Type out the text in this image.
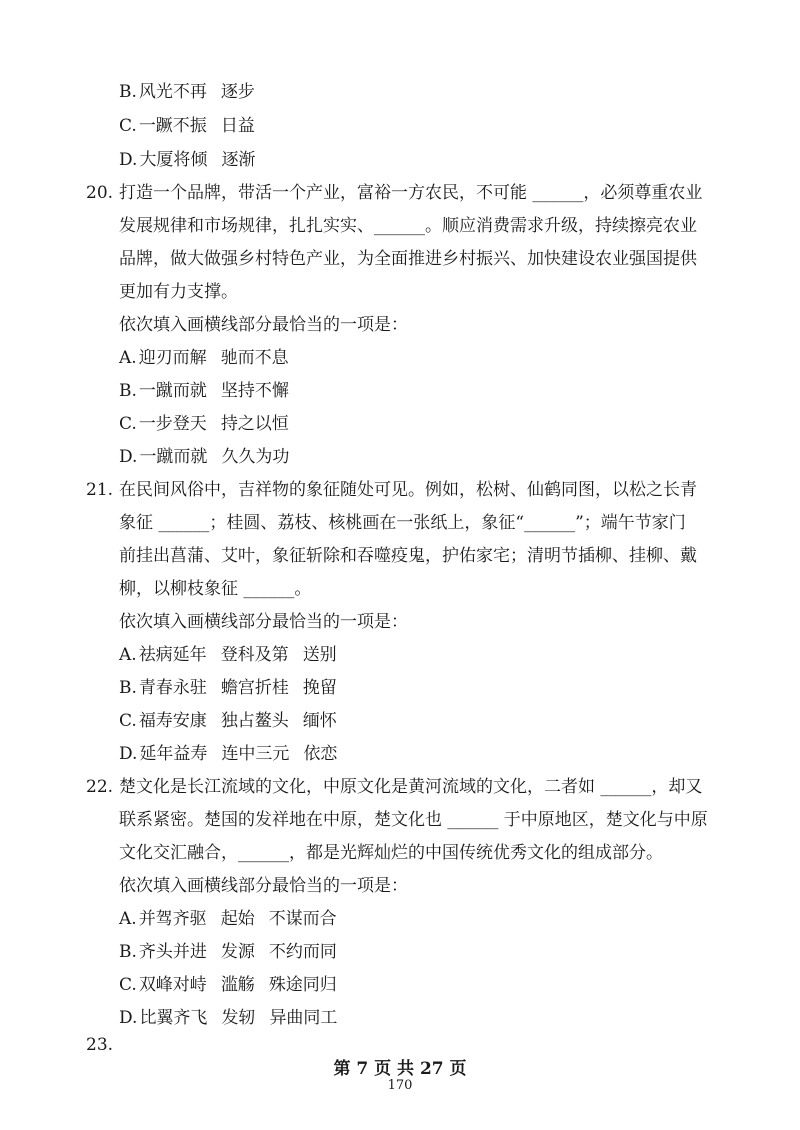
B. 风光不再 逐步
C. 一蹶不振 日益
D. 大厦将倾 逐渐
20. 打造一个品牌，带活一个产业，富裕一方农民，不可能 ______，必须尊重农业
发展规律和市场规律，扎扎实实、______。顺应消费需求升级，持续擦亮农业
品牌，做大做强乡村特色产业，为全面推进乡村振兴、加快建设农业强国提供
更加有力支撑。
依次填入画横线部分最恰当的一项是：
A. 迎刃而解 驰而不息
B. 一蹴而就 坚持不懈
C. 一步登天 持之以恒
D. 一蹴而就 久久为功
21. 在民间风俗中，吉祥物的象征随处可见。例如，松树、仙鹤同图，以松之长青
象征 ______；桂圆、荔枝、核桃画在一张纸上，象征“______”；端午节家门
前挂出菖蒲、艾叶，象征斩除和吞噬疫鬼，护佑家宅；清明节插柳、挂柳、戴
柳，以柳枝象征 ______。
依次填入画横线部分最恰当的一项是：
A. 祛病延年 登科及第 送别
B. 青春永驻 蟾宫折桂 挽留
C. 福寿安康 独占鳌头 缅怀
D. 延年益寿 连中三元 依恋
22. 楚文化是长江流域的文化，中原文化是黄河流域的文化，二者如 ______，却又
联系紧密。楚国的发祥地在中原，楚文化也 ______ 于中原地区，楚文化与中原
文化交汇融合，______，都是光辉灿烂的中国传统优秀文化的组成部分。
依次填入画横线部分最恰当的一项是：
A. 并驾齐驱 起始 不谋而合
B. 齐头并进 发源 不约而同
C. 双峰对峙 滥觞 殊途同归
D. 比翼齐飞 发轫 异曲同工
23.
第 7 页 共 27 页
170
